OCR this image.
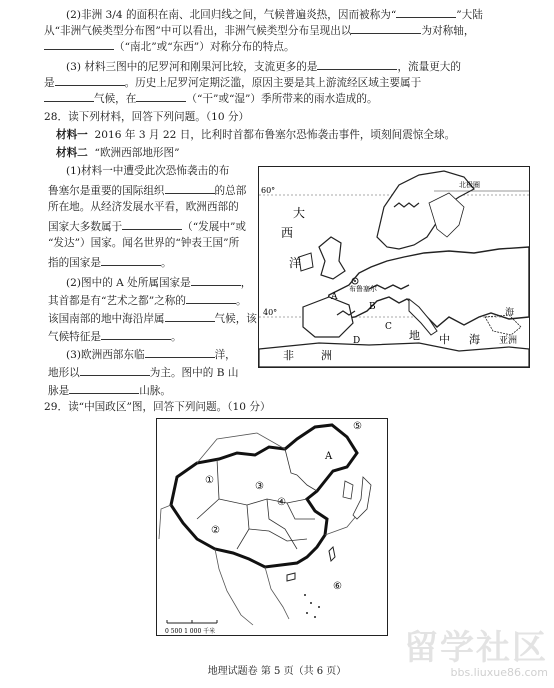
(2)非洲 3/4 的面积在南、北回归线之间，气候普遍炎热，因而被称为“	”大陆
从“非洲气候类型分布图”中可以看出，非洲气候类型分布呈现出以	为对称轴，
（“南北”或“东西”）对称分布的特点。
(3) 材料三图中的尼罗河和刚果河比较，支流更多的是	，流量更大的
是	。历史上尼罗河定期泛滥，原因主要是其上游流经区域主要属于
气候，在	（“干”或“湿”）季所带来的雨水造成的。
28．读下列材料，回答下列问题。（10 分）
材料一 2016 年 3 月 22 日，比利时首都布鲁塞尔恐怖袭击事件，顷刻间震惊全球。
材料二 “欧洲西部地形图”
(1)材料一中遭受此次恐怖袭击的布
鲁塞尔是重要的国际组织	的总部
所在地。从经济发展水平看，欧洲西部的
国家大多数属于	（“发展中”或
“发达”）国家。闻名世界的“钟表王国”所
指的国家是	。
(2)图中的 A 处所属国家是	，
其首都是有“艺术之都”之称的	。
该国南部的地中海沿岸属	气候，该
气候特征是	。
(3)欧洲西部东临	洋，
地形以	为主。图中的 B 山
脉是	山脉。
60°
40°
大
西
洋
北极圈
布鲁塞尔
A
B
C
D
非 洲
地 中 海
海
亚洲
29．读“中国政区”图，回答下列问题。（10 分）
①
②
③
④
⑤
⑥
A
0 500 1 000 千米
地理试题卷 第 5 页（共 6 页）
留学社区
bbs.liuxue86.com
